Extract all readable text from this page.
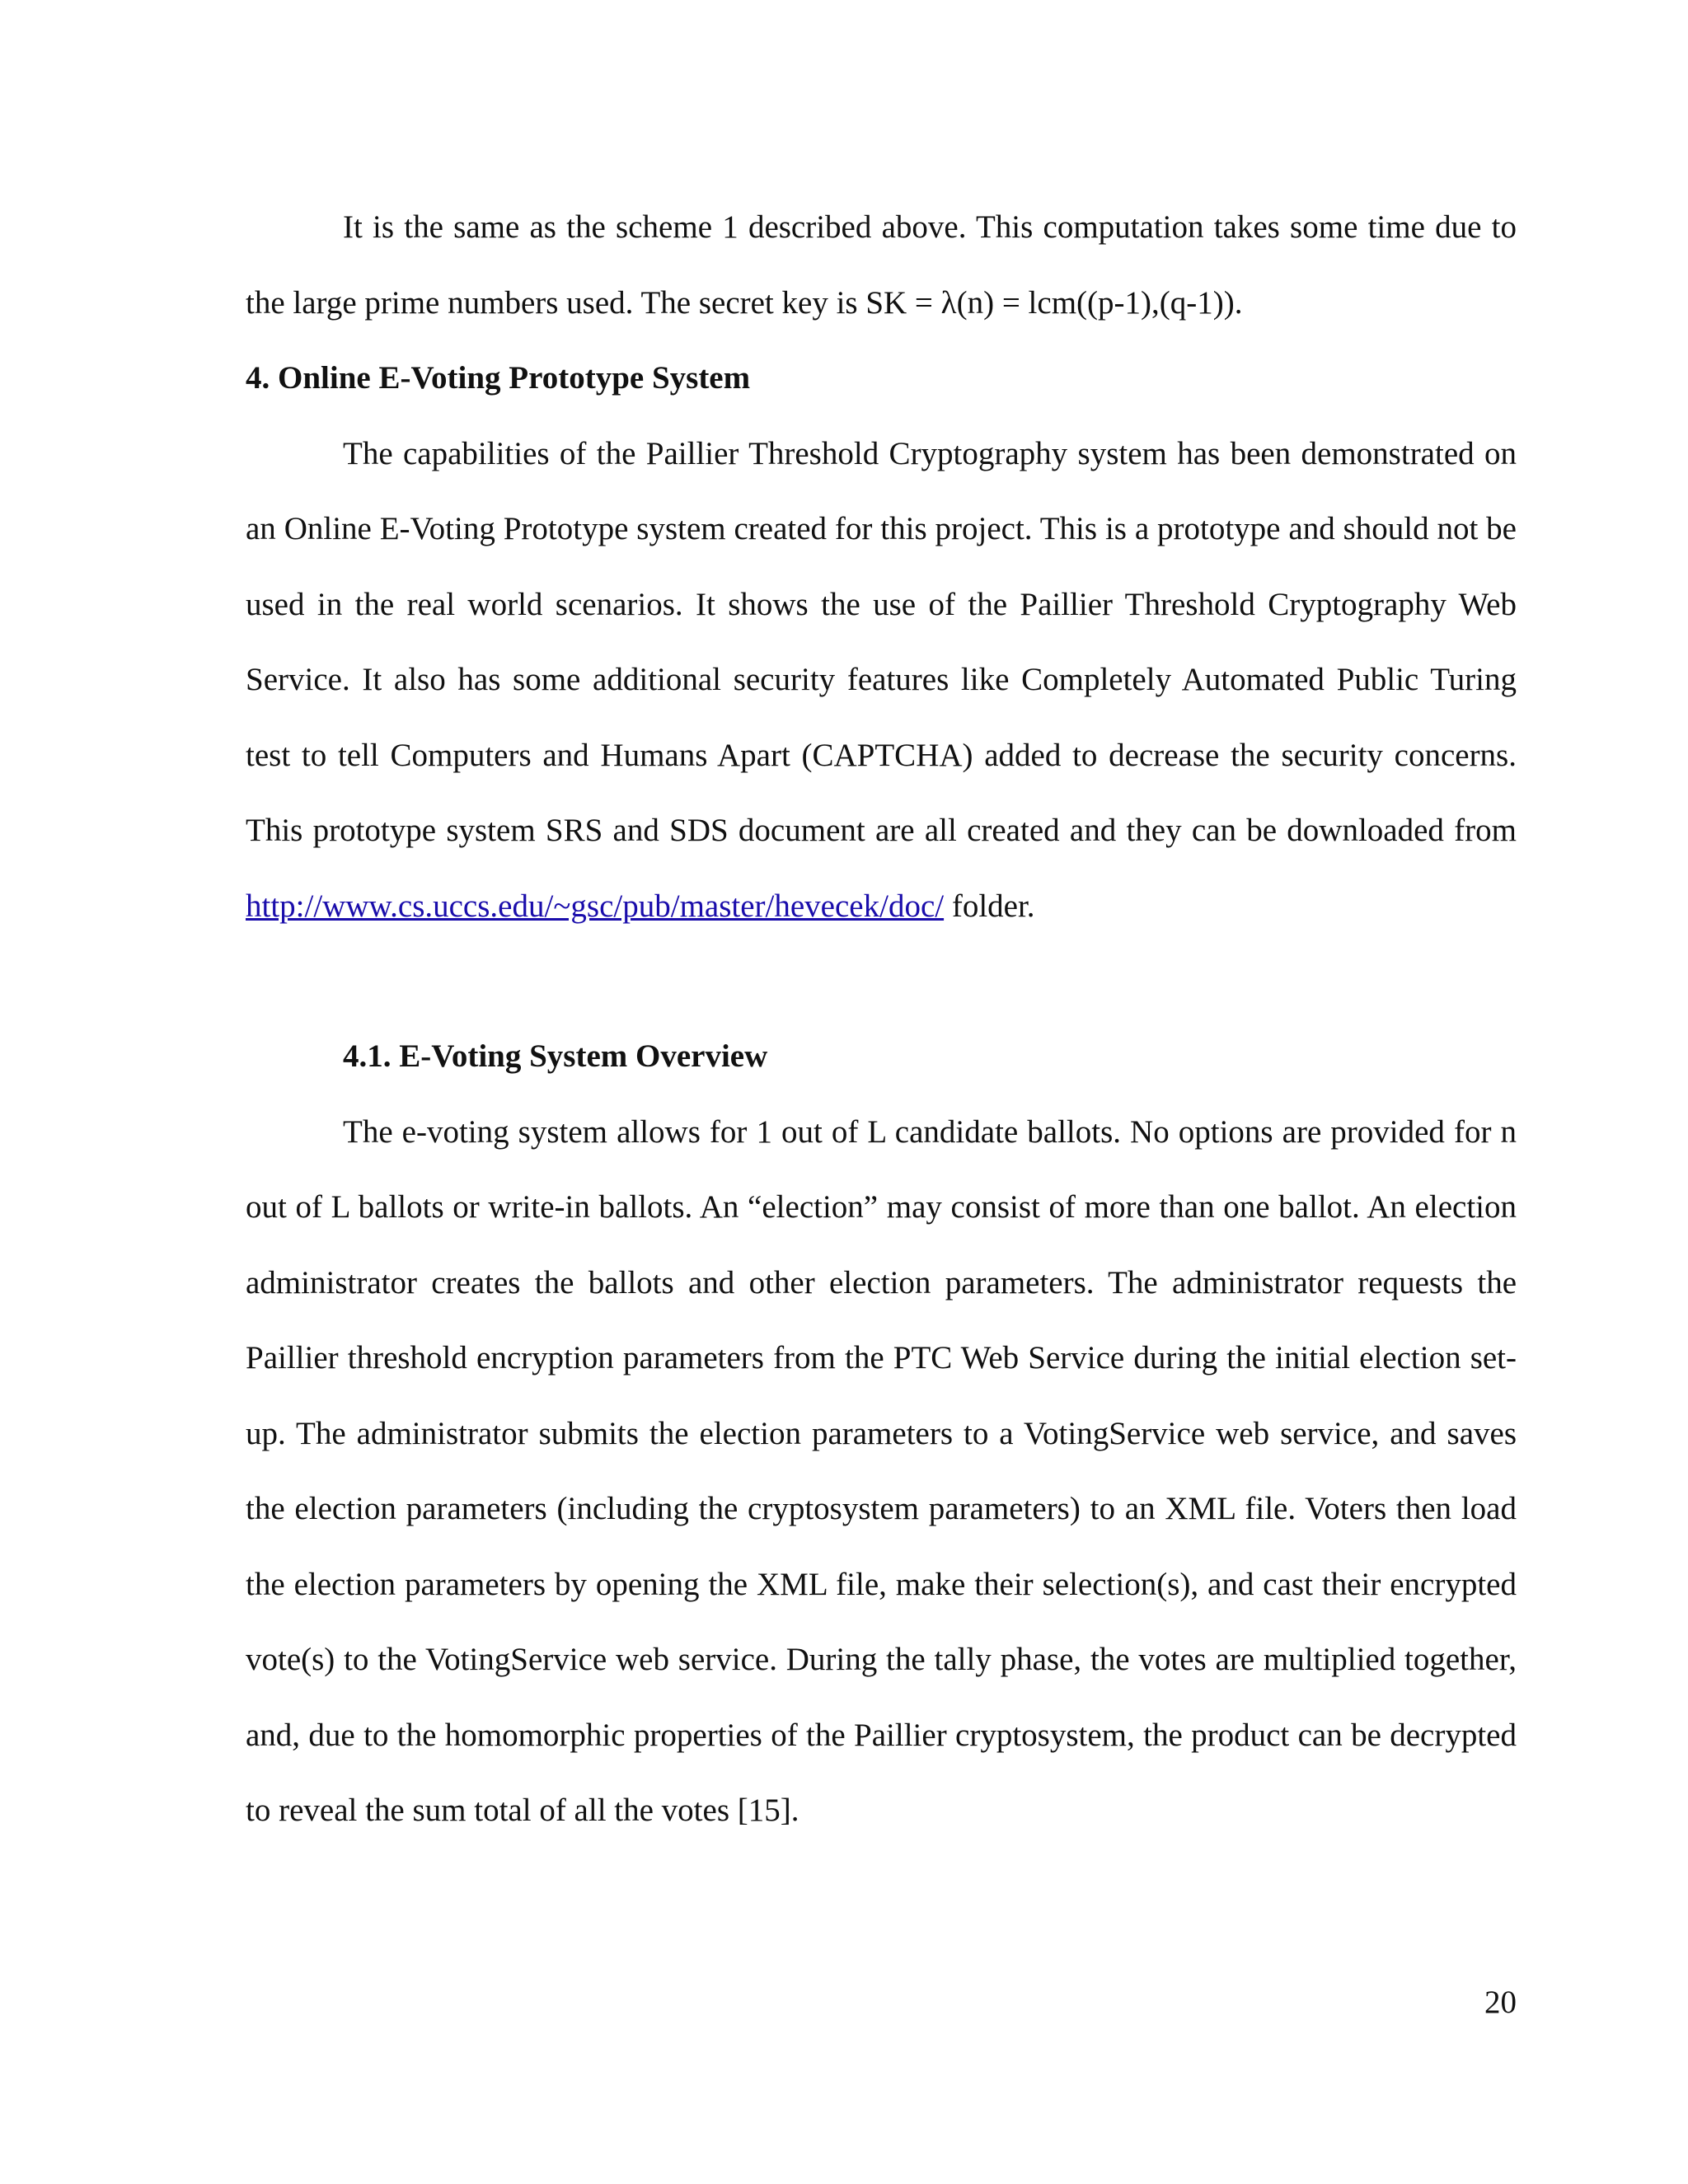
It is the same as the scheme 1 described above. This computation takes some time due to the large prime numbers used. The secret key is SK = λ(n) = lcm((p-1),(q-1)).

4. Online E-Voting Prototype System

The capabilities of the Paillier Threshold Cryptography system has been demonstrated on an Online E-Voting Prototype system created for this project. This is a prototype and should not be used in the real world scenarios. It shows the use of the Paillier Threshold Cryptography Web Service. It also has some additional security features like Completely Automated Public Turing test to tell Computers and Humans Apart (CAPTCHA) added to decrease the security concerns. This prototype system SRS and SDS document are all created and they can be downloaded from http://www.cs.uccs.edu/~gsc/pub/master/hevecek/doc/ folder.

4.1. E-Voting System Overview

The e-voting system allows for 1 out of L candidate ballots. No options are provided for n out of L ballots or write-in ballots. An “election” may consist of more than one ballot. An election administrator creates the ballots and other election parameters. The administrator requests the Paillier threshold encryption parameters from the PTC Web Service during the initial election set-up. The administrator submits the election parameters to a VotingService web service, and saves the election parameters (including the cryptosystem parameters) to an XML file. Voters then load the election parameters by opening the XML file, make their selection(s), and cast their encrypted vote(s) to the VotingService web service. During the tally phase, the votes are multiplied together, and, due to the homomorphic properties of the Paillier cryptosystem, the product can be decrypted to reveal the sum total of all the votes [15].

20
